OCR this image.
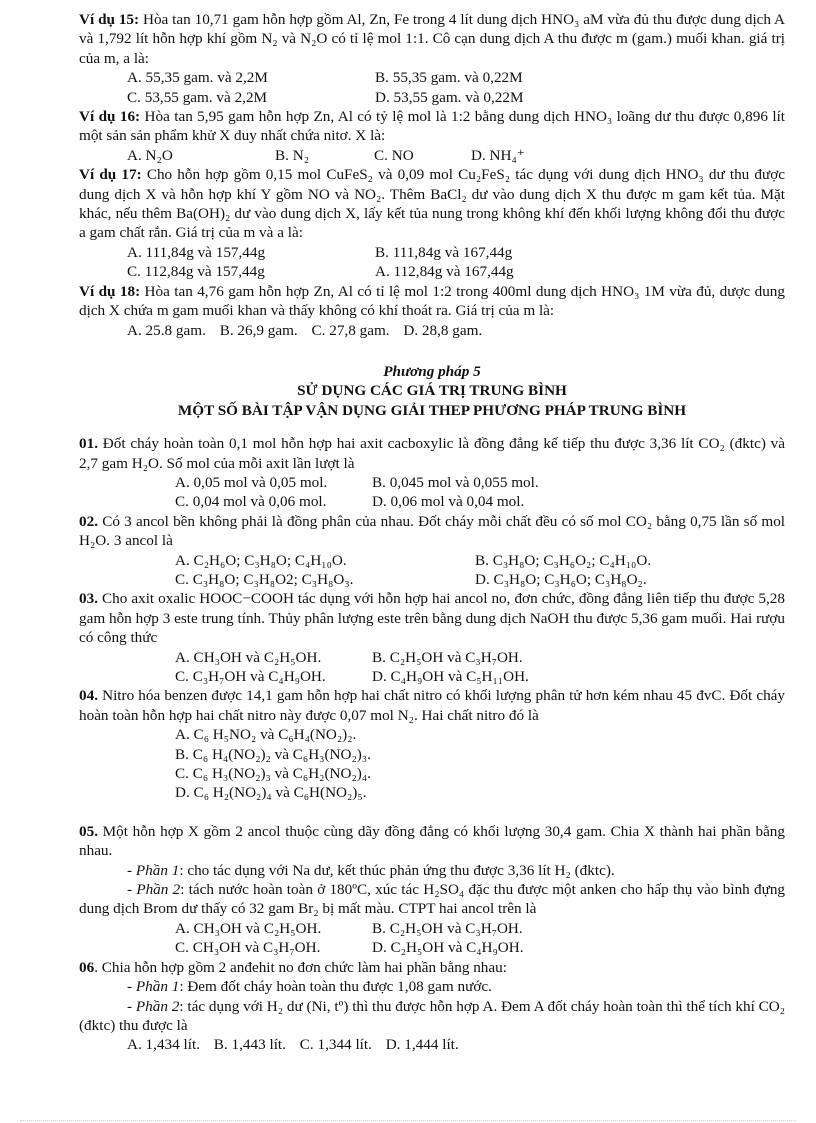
Ví dụ 15: Hòa tan 10,71 gam hỗn hợp gồm Al, Zn, Fe trong 4 lít dung dịch HNO₃ aM vừa đủ thu được dung dịch A và 1,792 lít hỗn hợp khí gồm N₂ và N₂O có tỉ lệ mol 1:1. Cô cạn dung dịch A thu được m (gam.) muối khan. giá trị của m, a là:

A. 55,35 gam. và 2,2M	B. 55,35 gam. và 0,22M
C. 53,55 gam. và 2,2M	D. 53,55 gam. và 0,22M

Ví dụ 16: Hòa tan 5,95 gam hỗn hợp Zn, Al có tỷ lệ mol là 1:2 bằng dung dịch HNO₃ loãng dư thu được 0,896 lít một sản sản phẩm khử X duy nhất chứa nitơ. X là:

A. N₂O	B. N₂	C. NO	D. NH₄⁺

Ví dụ 17: Cho hỗn hợp gồm 0,15 mol CuFeS₂ và 0,09 mol Cu₂FeS₂ tác dụng với dung dịch HNO₃ dư thu được dung dịch X và hỗn hợp khí Y gồm NO và NO₂. Thêm BaCl₂ dư vào dung dịch X thu được m gam kết tủa. Mặt khác, nếu thêm Ba(OH)₂ dư vào dung dịch X, lấy kết tủa nung trong không khí đến khối lượng không đổi thu được a gam chất rắn. Giá trị của m và a là:

A. 111,84g và 157,44g	B. 111,84g và 167,44g
C. 112,84g và 157,44g	A. 112,84g và 167,44g

Ví dụ 18: Hòa tan 4,76 gam hỗn hợp Zn, Al có tỉ lệ mol 1:2 trong 400ml dung dịch HNO₃ 1M vừa đủ, dược dung dịch X chứa m gam muối khan và thấy không có khí thoát ra. Giá trị của m là:

A. 25.8 gam. B. 26,9 gam. C. 27,8 gam. D. 28,8 gam.

Phương pháp 5

SỬ DỤNG CÁC GIÁ TRỊ TRUNG BÌNH

MỘT SỐ BÀI TẬP VẬN DỤNG GIẢI THEP PHƯƠNG PHÁP TRUNG BÌNH

01. Đốt cháy hoàn toàn 0,1 mol hỗn hợp hai axit cacboxylic là đồng đẳng kế tiếp thu được 3,36 lít CO₂ (đktc) và 2,7 gam H₂O. Số mol của mỗi axit lần lượt là

A. 0,05 mol và 0,05 mol.	B. 0,045 mol và 0,055 mol.
C. 0,04 mol và 0,06 mol.	D. 0,06 mol và 0,04 mol.

02. Có 3 ancol bền không phải là đồng phân của nhau. Đốt cháy mỗi chất đều có số mol CO₂ bằng 0,75 lần số mol H₂O. 3 ancol là

A. C₂H₆O; C₃H₈O; C₄H₁₀O.	B. C₃H₈O; C₃H₆O₂; C₄H₁₀O.
C. C₃H₈O; C₃H₈O2; C₃H₈O₃.	D. C₃H₈O; C₃H₆O; C₃H₈O₂.

03. Cho axit oxalic HOOC−COOH tác dụng với hỗn hợp hai ancol no, đơn chức, đồng đẳng liên tiếp thu được 5,28 gam hỗn hợp 3 este trung tính. Thủy phân lượng este trên bằng dung dịch NaOH thu được 5,36 gam muối. Hai rượu có công thức

A. CH₃OH và C₂H₅OH.	B. C₂H₅OH và C₃H₇OH.
C. C₃H₇OH và C₄H₉OH.	D. C₄H₉OH và C₅H₁₁OH.

04. Nitro hóa benzen được 14,1 gam hỗn hợp hai chất nitro có khối lượng phân tử hơn kém nhau 45 đvC. Đốt cháy hoàn toàn hỗn hợp hai chất nitro này được 0,07 mol N₂. Hai chất nitro đó là

A. C₆ H₅NO₂ và C₆H₄(NO₂)₂.

B. C₆ H₄(NO₂)₂ và C₆H₃(NO₂)₃.

C. C₆ H₃(NO₂)₃ và C₆H₂(NO₂)₄.

D. C₆ H₂(NO₂)₄ và C₆H(NO₂)₅.

05. Một hỗn hợp X gồm 2 ancol thuộc cùng dãy đồng đẳng có khối lượng 30,4 gam. Chia X thành hai phần bằng nhau.

- Phần 1: cho tác dụng với Na dư, kết thúc phản ứng thu được 3,36 lít H₂ (đktc).

- Phần 2: tách nước hoàn toàn ở 180ºC, xúc tác H₂SO₄ đặc thu được một anken cho hấp thụ vào bình đựng dung dịch Brom dư thấy có 32 gam Br₂ bị mất màu. CTPT hai ancol trên là

A. CH₃OH và C₂H₅OH.	B. C₂H₅OH và C₃H₇OH.
C. CH₃OH và C₃H₇OH.	D. C₂H₅OH và C₄H₉OH.

06. Chia hỗn hợp gồm 2 anđehit no đơn chức làm hai phần bằng nhau:

- Phần 1: Đem đốt cháy hoàn toàn thu được 1,08 gam nước.

- Phần 2: tác dụng với H₂ dư (Ni, tº) thì thu được hỗn hợp A. Đem A đốt cháy hoàn toàn thì thể tích khí CO₂ (đktc) thu được là

A. 1,434 lít. B. 1,443 lít. C. 1,344 lít. D. 1,444 lít.
